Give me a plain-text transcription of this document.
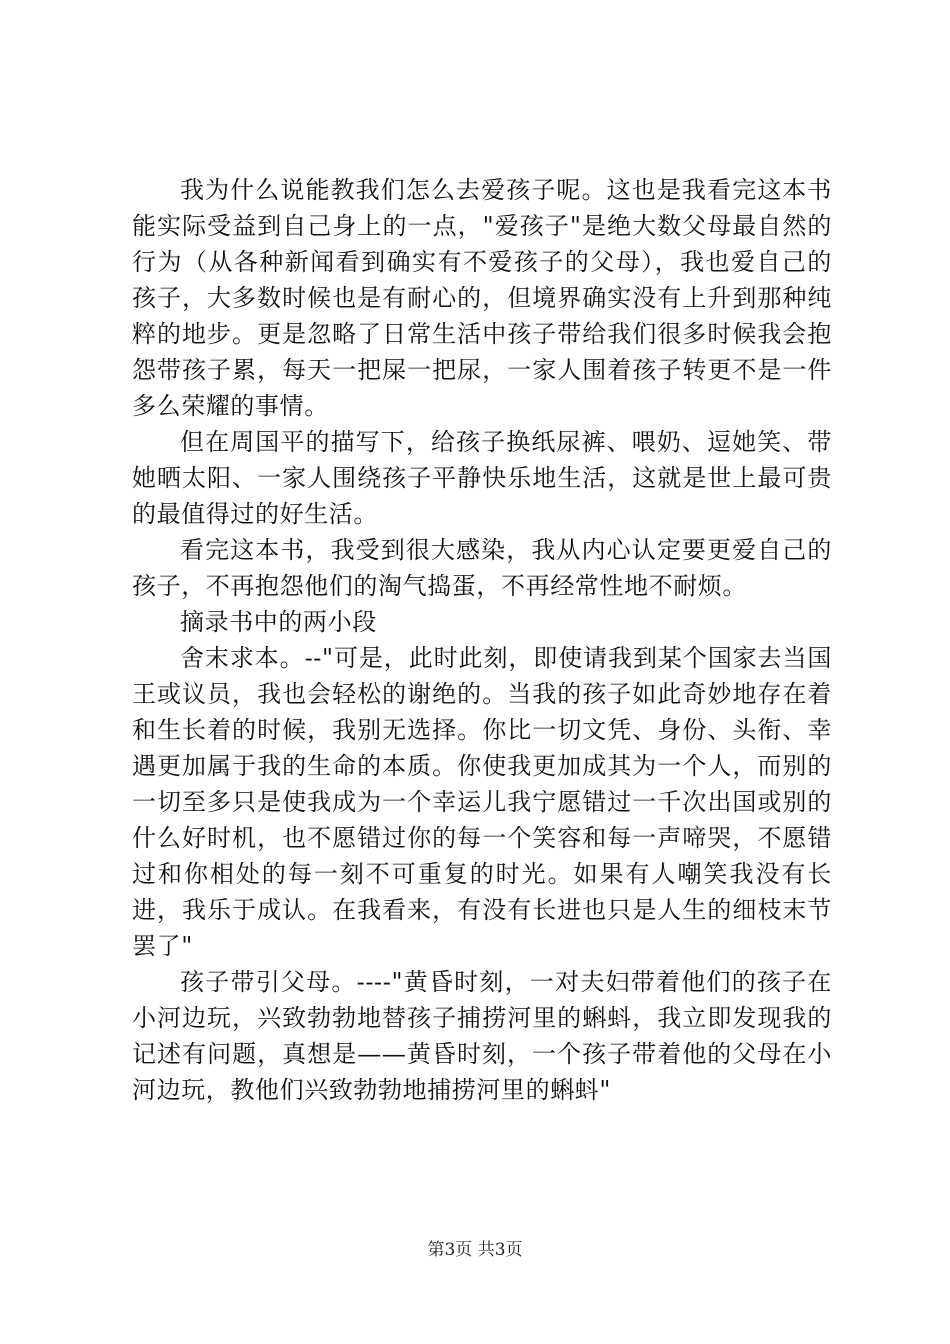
我为什么说能教我们怎么去爱孩子呢。这也是我看完这本书能实际受益到自己身上的一点，"爱孩子"是绝大数父母最自然的行为（从各种新闻看到确实有不爱孩子的父母），我也爱自己的孩子，大多数时候也是有耐心的，但境界确实没有上升到那种纯粹的地步。更是忽略了日常生活中孩子带给我们很多时候我会抱怨带孩子累，每天一把屎一把尿，一家人围着孩子转更不是一件多么荣耀的事情。

但在周国平的描写下，给孩子换纸尿裤、喂奶、逗她笑、带她晒太阳、一家人围绕孩子平静快乐地生活，这就是世上最可贵的最值得过的好生活。

看完这本书，我受到很大感染，我从内心认定要更爱自己的孩子，不再抱怨他们的淘气捣蛋，不再经常性地不耐烦。

摘录书中的两小段

舍末求本。--"可是，此时此刻，即使请我到某个国家去当国王或议员，我也会轻松的谢绝的。当我的孩子如此奇妙地存在着和生长着的时候，我别无选择。你比一切文凭、身份、头衔、幸遇更加属于我的生命的本质。你使我更加成其为一个人，而别的一切至多只是使我成为一个幸运儿我宁愿错过一千次出国或别的什么好时机，也不愿错过你的每一个笑容和每一声啼哭，不愿错过和你相处的每一刻不可重复的时光。如果有人嘲笑我没有长进，我乐于成认。在我看来，有没有长进也只是人生的细枝末节罢了"

孩子带引父母。----"黄昏时刻，一对夫妇带着他们的孩子在小河边玩，兴致勃勃地替孩子捕捞河里的蝌蚪，我立即发现我的记述有问题，真想是——黄昏时刻，一个孩子带着他的父母在小河边玩，教他们兴致勃勃地捕捞河里的蝌蚪"

第3页 共3页
